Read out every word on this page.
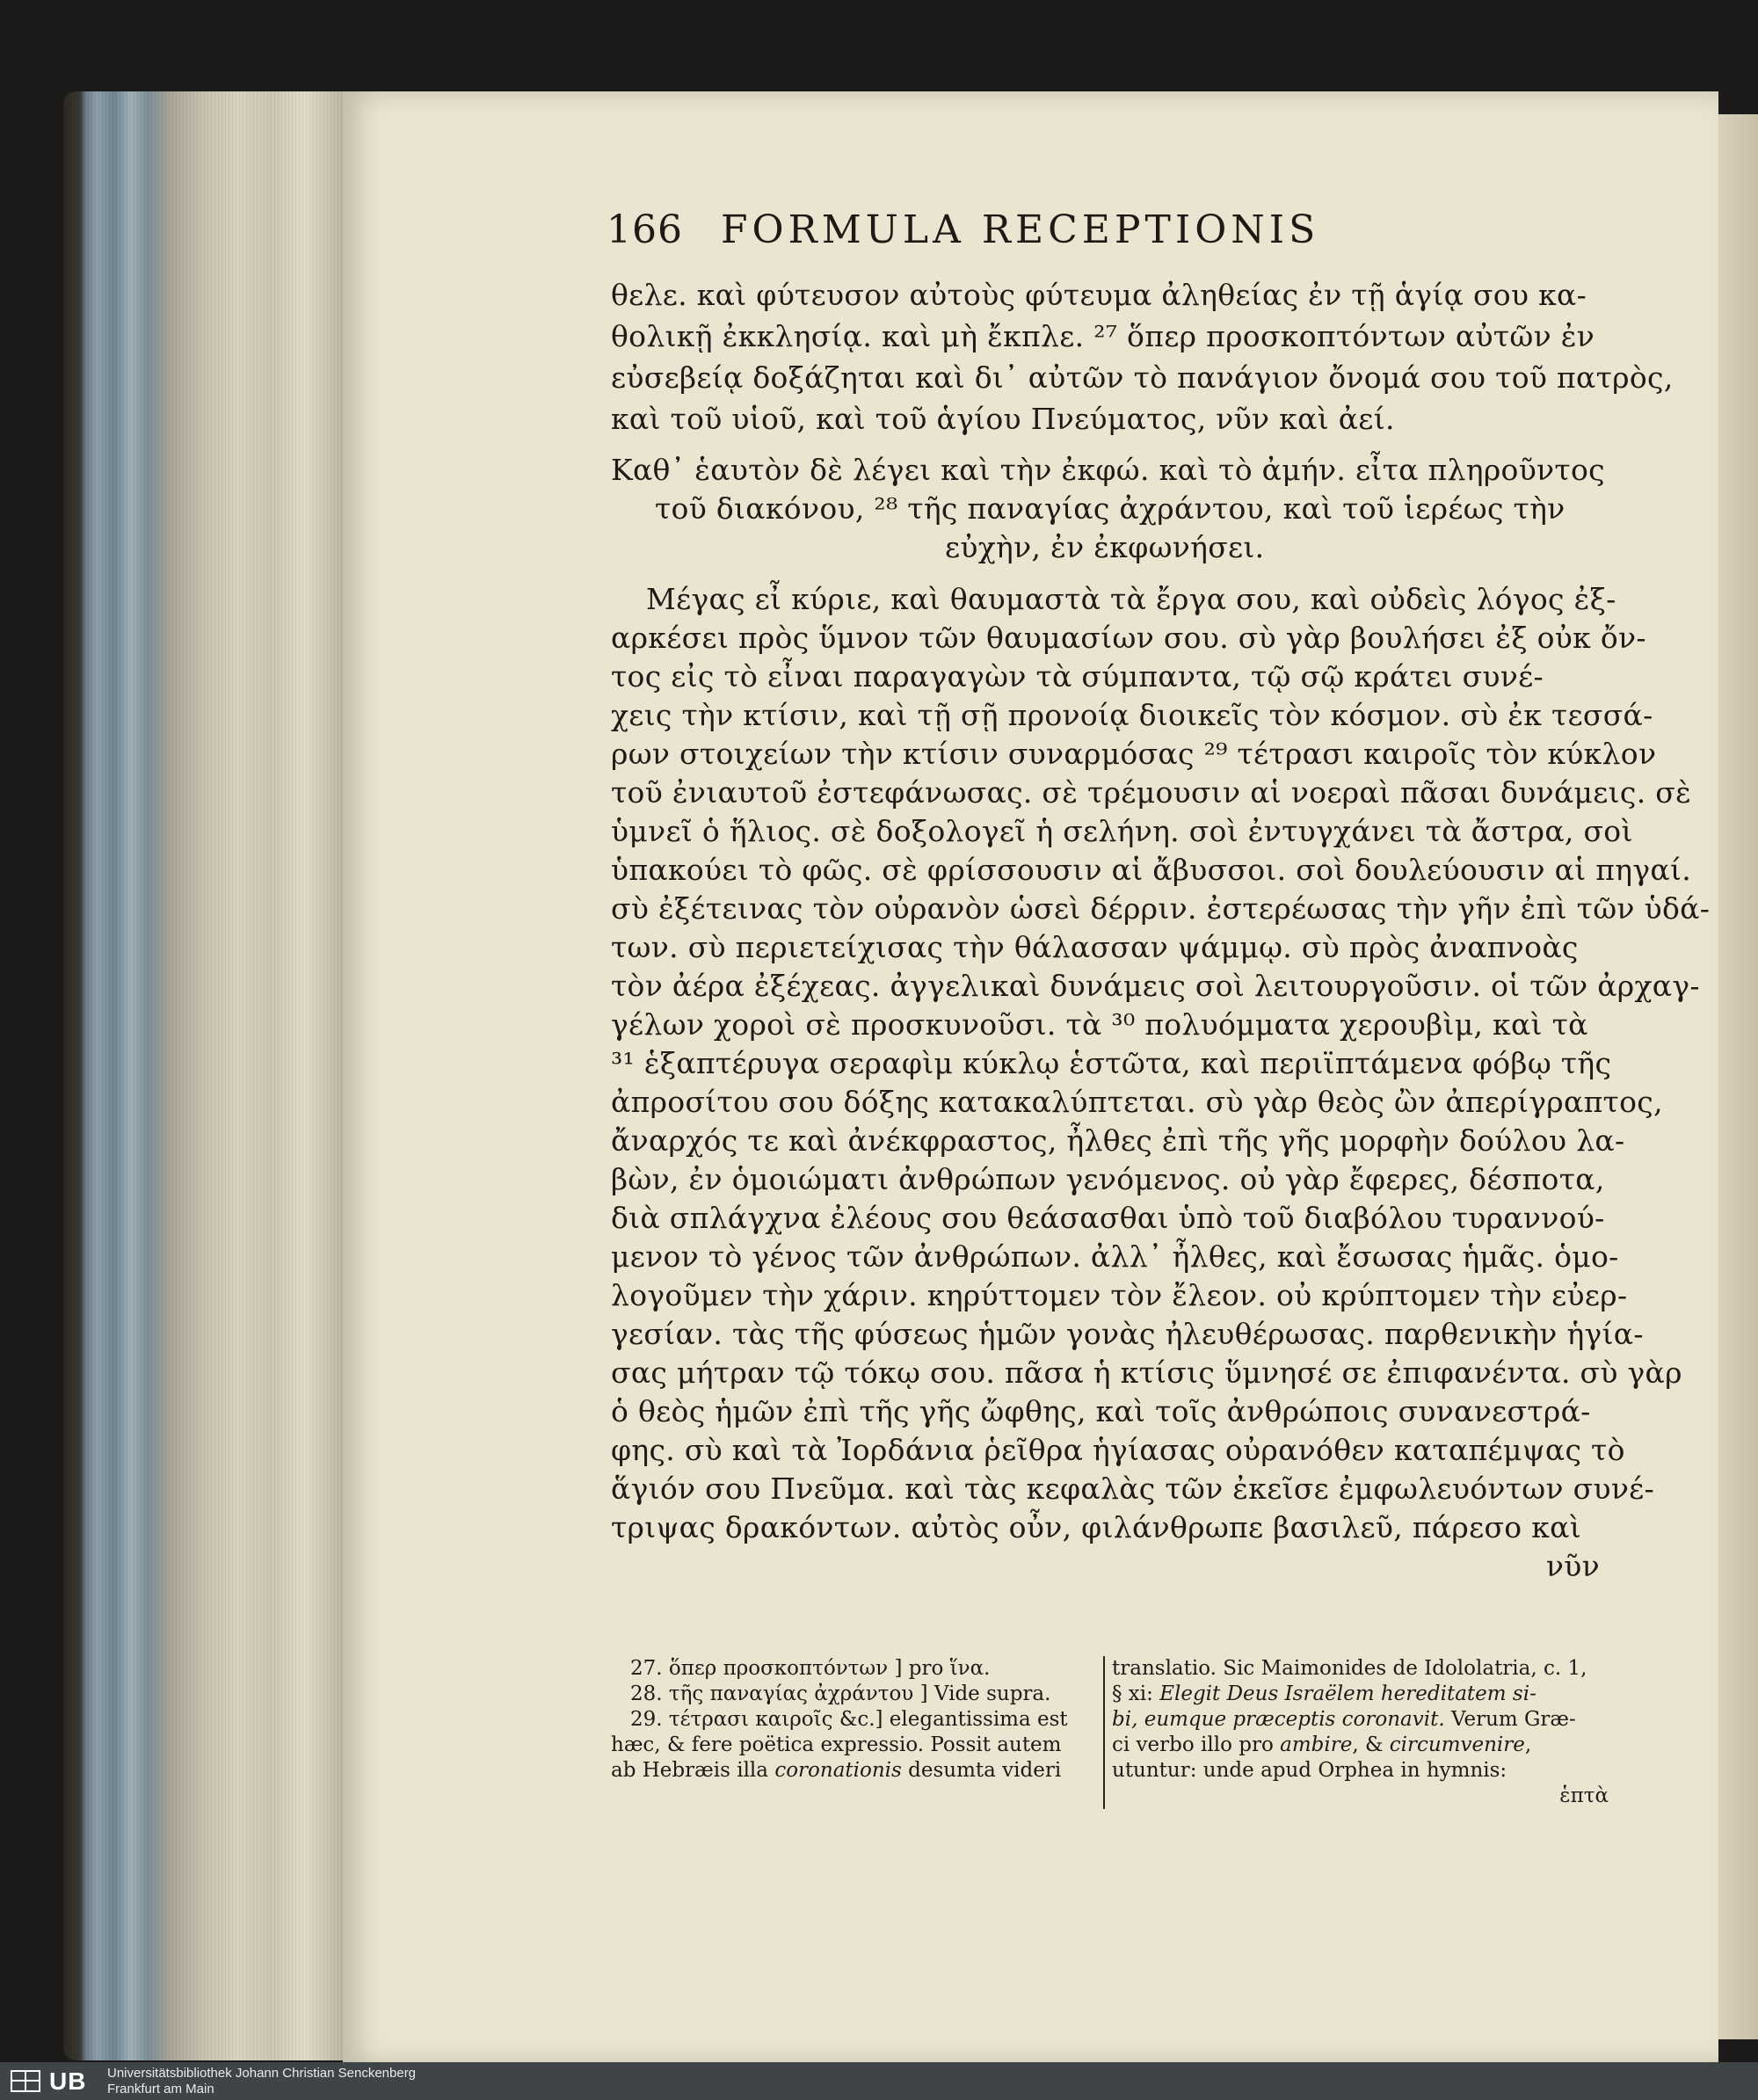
166 FORMULA RECEPTIONIS
θελε. καὶ φύτευσον αὐτοὺς φύτευμα ἀληθείας ἐν τῇ ἁγίᾳ σου κα-
θολικῇ ἐκκλησίᾳ. καὶ μὴ ἔκπλε. ²⁷ ὅπερ προσκοπτόντων αὐτῶν ἐν
εὐσεβείᾳ δοξάζηται καὶ δι᾽ αὐτῶν τὸ πανάγιον ὄνομά σου τοῦ πατρὸς,
καὶ τοῦ υἱοῦ, καὶ τοῦ ἁγίου Πνεύματος, νῦν καὶ ἀεί.
Καθ᾽ ἑαυτὸν δὲ λέγει καὶ τὴν ἐκφώ. καὶ τὸ ἀμήν. εἶτα πληροῦντος
τοῦ διακόνου, ²⁸ τῆς παναγίας ἀχράντου, καὶ τοῦ ἱερέως τὴν
εὐχὴν, ἐν ἐκφωνήσει.
Μέγας εἶ κύριε, καὶ θαυμαστὰ τὰ ἔργα σου, καὶ οὐδεὶς λόγος ἐξ-
αρκέσει πρὸς ὕμνον τῶν θαυμασίων σου. σὺ γὰρ βουλήσει ἐξ οὐκ ὄν-
τος εἰς τὸ εἶναι παραγαγὼν τὰ σύμπαντα, τῷ σῷ κράτει συνέ-
χεις τὴν κτίσιν, καὶ τῇ σῇ προνοίᾳ διοικεῖς τὸν κόσμον. σὺ ἐκ τεσσά-
ρων στοιχείων τὴν κτίσιν συναρμόσας ²⁹ τέτρασι καιροῖς τὸν κύκλον
τοῦ ἐνιαυτοῦ ἐστεφάνωσας. σὲ τρέμουσιν αἱ νοεραὶ πᾶσαι δυνάμεις. σὲ
ὑμνεῖ ὁ ἥλιος. σὲ δοξολογεῖ ἡ σελήνη. σοὶ ἐντυγχάνει τὰ ἄστρα, σοὶ
ὑπακούει τὸ φῶς. σὲ φρίσσουσιν αἱ ἄβυσσοι. σοὶ δουλεύουσιν αἱ πηγαί.
σὺ ἐξέτεινας τὸν οὐρανὸν ὡσεὶ δέρριν. ἐστερέωσας τὴν γῆν ἐπὶ τῶν ὑδά-
των. σὺ περιετείχισας τὴν θάλασσαν ψάμμῳ. σὺ πρὸς ἀναπνοὰς
τὸν ἀέρα ἐξέχεας. ἀγγελικαὶ δυνάμεις σοὶ λειτουργοῦσιν. οἱ τῶν ἀρχαγ-
γέλων χοροὶ σὲ προσκυνοῦσι. τὰ ³⁰ πολυόμματα χερουβὶμ, καὶ τὰ
³¹ ἑξαπτέρυγα σεραφὶμ κύκλῳ ἑστῶτα, καὶ περιϊπτάμενα φόβῳ τῆς
ἀπροσίτου σου δόξης κατακαλύπτεται. σὺ γὰρ θεὸς ὢν ἀπερίγραπτος,
ἄναρχός τε καὶ ἀνέκφραστος, ἦλθες ἐπὶ τῆς γῆς μορφὴν δούλου λα-
βὼν, ἐν ὁμοιώματι ἀνθρώπων γενόμενος. οὐ γὰρ ἔφερες, δέσποτα,
διὰ σπλάγχνα ἐλέους σου θεάσασθαι ὑπὸ τοῦ διαβόλου τυραννού-
μενον τὸ γένος τῶν ἀνθρώπων. ἀλλ᾽ ἦλθες, καὶ ἔσωσας ἡμᾶς. ὁμο-
λογοῦμεν τὴν χάριν. κηρύττομεν τὸν ἔλεον. οὐ κρύπτομεν τὴν εὐερ-
γεσίαν. τὰς τῆς φύσεως ἡμῶν γονὰς ἠλευθέρωσας. παρθενικὴν ἡγία-
σας μήτραν τῷ τόκῳ σου. πᾶσα ἡ κτίσις ὕμνησέ σε ἐπιφανέντα. σὺ γὰρ
ὁ θεὸς ἡμῶν ἐπὶ τῆς γῆς ὤφθης, καὶ τοῖς ἀνθρώποις συνανεστρά-
φης. σὺ καὶ τὰ Ἰορδάνια ῥεῖθρα ἡγίασας οὐρανόθεν καταπέμψας τὸ
ἅγιόν σου Πνεῦμα. καὶ τὰς κεφαλὰς τῶν ἐκεῖσε ἐμφωλευόντων συνέ-
τριψας δρακόντων. αὐτὸς οὖν, φιλάνθρωπε βασιλεῦ, πάρεσο καὶ
νῦν
27. ὅπερ προσκοπτόντων ] pro ἵνα.
28. τῆς παναγίας ἀχράντου ] Vide supra.
29. τέτρασι καιροῖς &c.] elegantissima est
hæc, & fere poëtica expressio. Possit autem
ab Hebræis illa coronationis desumta videri
translatio. Sic Maimonides de Idololatria, c. 1,
§ xi: Elegit Deus Israëlem hereditatem si-
bi, eumque præceptis coronavit. Verum Græ-
ci verbo illo pro ambire, & circumvenire,
utuntur: unde apud Orphea in hymnis:
ἑπτὰ
UB Universitätsbibliothek Johann Christian Senckenberg
Frankfurt am Main
